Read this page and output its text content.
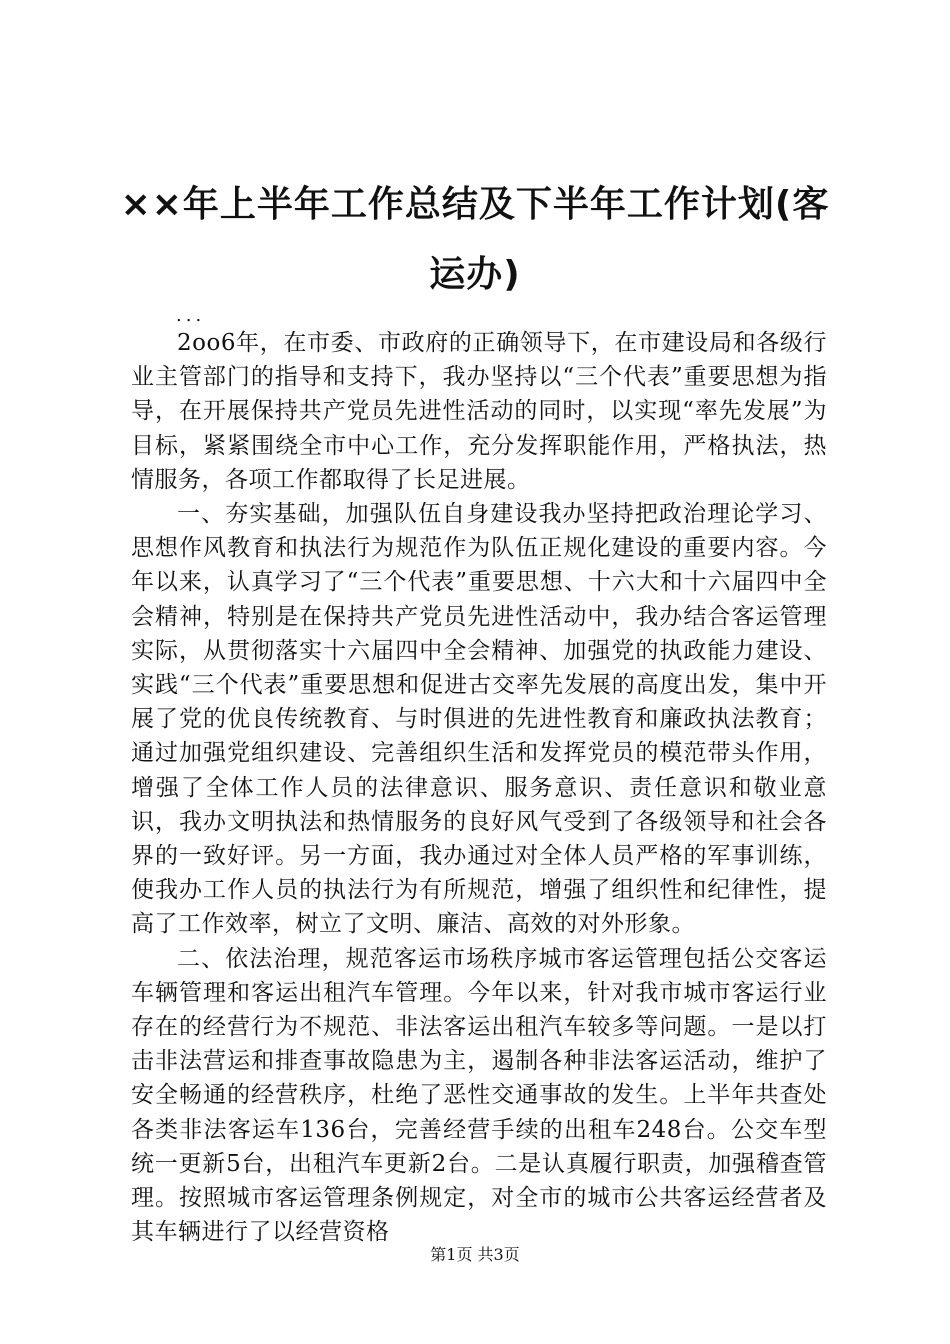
××年上半年工作总结及下半年工作计划(客运办)
...

2oo6年，在市委、市政府的正确领导下，在市建设局和各级行业主管部门的指导和支持下，我办坚持以“三个代表”重要思想为指导，在开展保持共产党员先进性活动的同时，以实现“率先发展”为目标，紧紧围绕全市中心工作，充分发挥职能作用，严格执法，热情服务，各项工作都取得了长足进展。

一、夯实基础，加强队伍自身建设我办坚持把政治理论学习、思想作风教育和执法行为规范作为队伍正规化建设的重要内容。今年以来，认真学习了“三个代表”重要思想、十六大和十六届四中全会精神，特别是在保持共产党员先进性活动中，我办结合客运管理实际，从贯彻落实十六届四中全会精神、加强党的执政能力建设、实践“三个代表”重要思想和促进古交率先发展的高度出发，集中开展了党的优良传统教育、与时俱进的先进性教育和廉政执法教育；通过加强党组织建设、完善组织生活和发挥党员的模范带头作用，增强了全体工作人员的法律意识、服务意识、责任意识和敬业意识，我办文明执法和热情服务的良好风气受到了各级领导和社会各界的一致好评。另一方面，我办通过对全体人员严格的军事训练，使我办工作人员的执法行为有所规范，增强了组织性和纪律性，提高了工作效率，树立了文明、廉洁、高效的对外形象。

二、依法治理，规范客运市场秩序城市客运管理包括公交客运车辆管理和客运出租汽车管理。今年以来，针对我市城市客运行业存在的经营行为不规范、非法客运出租汽车较多等问题。一是以打击非法营运和排查事故隐患为主，遏制各种非法客运活动，维护了安全畅通的经营秩序，杜绝了恶性交通事故的发生。上半年共查处各类非法客运车136台，完善经营手续的出租车248台。公交车型统一更新5台，出租汽车更新2台。二是认真履行职责，加强稽查管理。按照城市客运管理条例规定，对全市的城市公共客运经营者及其车辆进行了以经营资格

第1页 共3页
